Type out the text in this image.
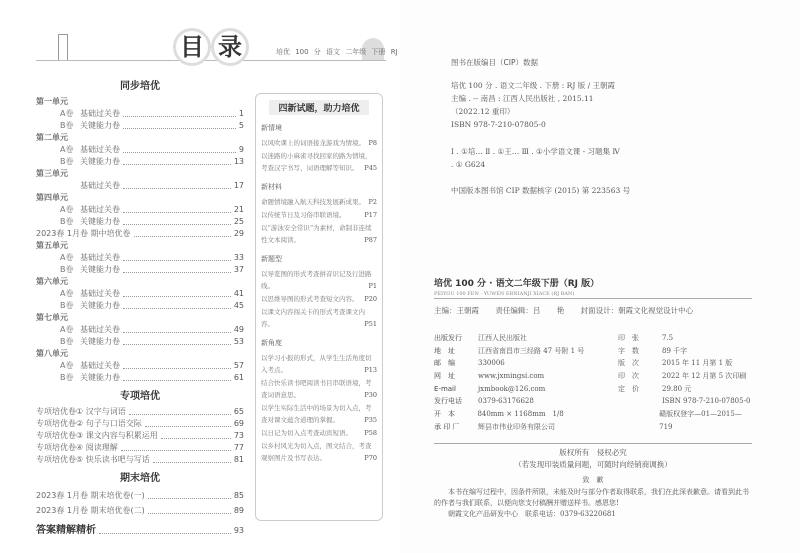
目 录	培优 100 分 语文 二年级 下册 RJ
同步培优
第一单元
A卷 基础过关卷	1
B卷 关键能力卷	5
第二单元
A卷 基础过关卷	9
B卷 关键能力卷	13
第三单元
基础过关卷	17
第四单元
A卷 基础过关卷	21
B卷 关键能力卷	25
2023春 1月卷 期中培优卷	29
第五单元
A卷 基础过关卷	33
B卷 关键能力卷	37
第六单元
A卷 基础过关卷	41
B卷 关键能力卷	45
第七单元
A卷 基础过关卷	49
B卷 关键能力卷	53
第八单元
A卷 基础过关卷	57
B卷 关键能力卷	61
专项培优
专项培优卷① 汉字与词语	65
专项培优卷② 句子与口语交际	69
专项培优卷③ 课文内容与积累运用	73
专项培优卷④ 阅读理解	77
专项培优卷⑤ 快乐读书吧与写话	81
期末培优
2023春 1月卷 期末培优卷(一)	85
2023春 1月卷 期末培优卷(二)	89
答案精解精析	93
四新试题，助力培优
新情境
以风吹课上的词语接龙游戏为情境。 P8
以迷路的小麻雀寻找回家的路为情境，考查汉字书写、词语理解等知识。 P45
新材料
命题情境融入航天科技发展新成果。 P2
以传统节日及习俗串联语境。	P17
以“游泳安全常识”为素材，命制非连续性文本阅读。	P87
新题型
以导览图的形式考查拼音识记及行进路线。	P1
以思维导图的形式考查短文内容。 P20
以课文内容闯关卡的形式考查课文内容。	P51
新角度
以学习小报的形式，从学生生活角度切入考点。	P13
结合快乐读书吧阅读书目串联语境，考查词语意思。	P30
以学生实际生活中的场景为切入点，考查对课文蕴含道理的掌握。	P35
以日记为切入点考查动宾短语。 P58
以乡村风光为切入点，图文结合，考查观察图片及书写表达。	P70
图书在版编目（CIP）数据
培优 100 分 . 语文二年级 . 下册 : RJ 版 / 王朝霞主编 . -- 南昌 : 江西人民出版社 , 2015.11（2022.12 重印）
ISBN 978-7-210-07805-0
Ⅰ . ①培… Ⅱ . ①王… Ⅲ . ①小学语文课 - 习题集 Ⅳ . ① G624
中国版本图书馆 CIP 数据核字 (2015) 第 223563 号
培优 100 分 · 语文二年级下册（RJ 版）
PEIYOU 100 FEN · YUWEN ERNIANJI XIACE (RJ BAN)
主编：王朝霞 责任编辑：吕 艳 封面设计：朝霞文化视觉设计中心
出版发行	江西人民出版社	印　张	7.5
地　址	江西省南昌市三经路 47 号附 1 号	字　数	89 千字
邮　编	330006	版　次	2015 年 11 月第 1 版
网　址	www.jxmingsi.com	印　次	2022 年 12 月第 5 次印刷
E-mail	jxmbook@126.com	定　价	29.80 元
发行电话	0379-63176628	ISBN 978-7-210-07805-0
开　本	840mm × 1168mm　1/8	赣版权登字—01—2015—719
承 印 厂	辉县市伟业印务有限公司
版权所有　侵权必究
（若发现印装质量问题，可随时向经销商调换）
致　歉
本书在编写过程中，因条件所限，未能及时与部分作者取得联系，我们在此深表歉意。请看到此书的作者与我们联系，以便向您支付稿酬并赠送样书。感恩您!
朝霞文化产品研发中心　联系电话：0379-63220681
